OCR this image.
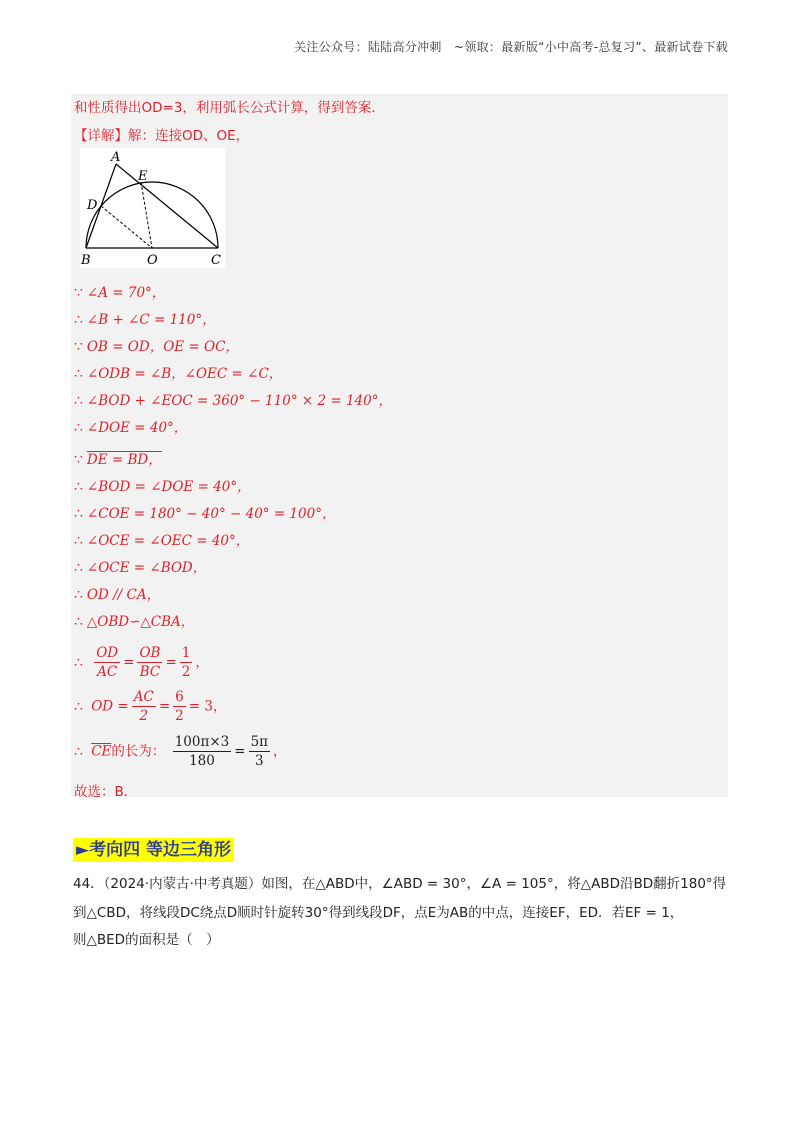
关注公众号：陆陆高分冲刺　~领取：最新版“小中高考-总复习”、最新试卷下载
和性质得出OD=3，利用弧长公式计算，得到答案．
【详解】解：连接OD、OE，
A
E
D
B	O	C
∵ ∠A = 70°，
∴ ∠B + ∠C = 110°，
∵ OB = OD，OE = OC，
∴ ∠ODB = ∠B，∠OEC = ∠C，
∴ ∠BOD + ∠EOC = 360° − 110° × 2 = 140°，
∴ ∠DOE = 40°，
∵ DE = BD，
∴ ∠BOD = ∠DOE = 40°，
∴ ∠COE = 180° − 40° − 40° = 100°，
∴ ∠OCE = ∠OEC = 40°，
∴ ∠OCE = ∠BOD，
∴ OD // CA，
∴ △OBD∽△CBA，
∴ $\frac{OD}{AC} = \frac{OB}{BC} = \frac{1}{2}$ ，
∴ OD = $\frac{AC}{2} = \frac{6}{2} = 3$，
∴ $\overline{CE}$的长为： $\frac{100\pi\times 3}{180} = \frac{5\pi}{3}$ ，
故选：B．
►考向四 等边三角形
44．（2024·内蒙古·中考真题）如图，在△ABD中，∠ABD = 30°，∠A = 105°，将△ABD沿BD翻折180°得
到△CBD，将线段DC绕点D顺时针旋转30°得到线段DF，点E为AB的中点，连接EF，ED．若EF = 1，
则△BED的面积是（　）
